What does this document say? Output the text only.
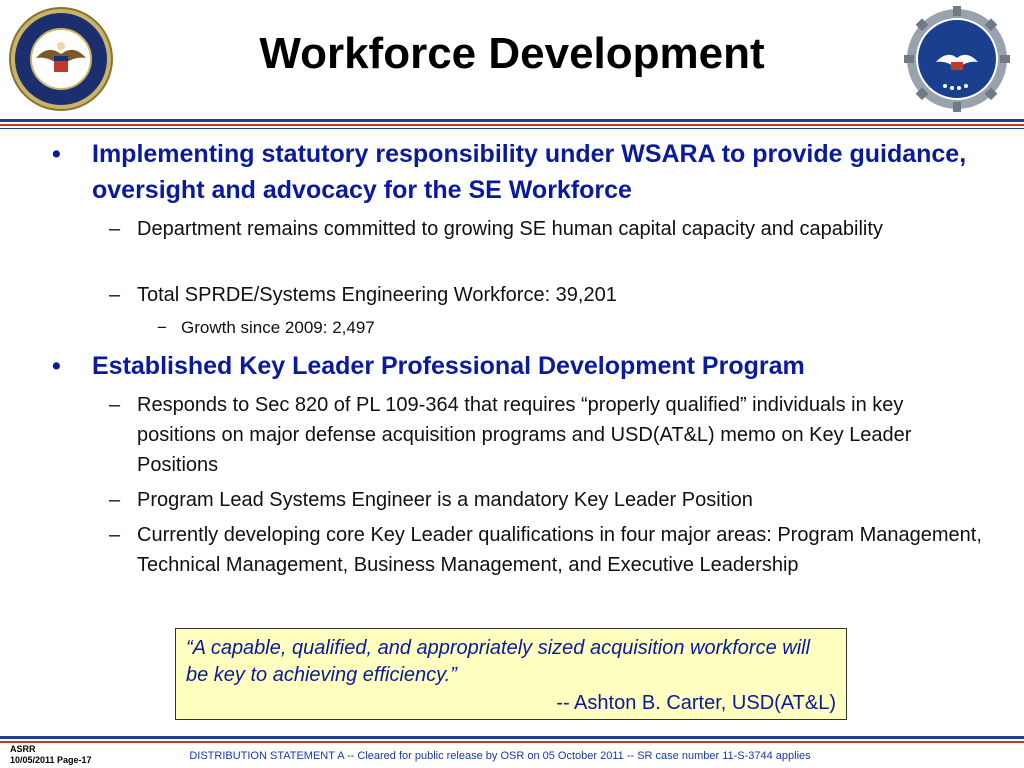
Workforce Development
• Implementing statutory responsibility under WSARA to provide guidance, oversight and advocacy for the SE Workforce
– Department remains committed to growing SE human capital capacity and capability
– Total SPRDE/Systems Engineering Workforce: 39,201
− Growth since 2009: 2,497
• Established Key Leader Professional Development Program
– Responds to Sec 820 of PL 109-364 that requires “properly qualified” individuals in key positions on major defense acquisition programs and USD(AT&L) memo on Key Leader Positions
– Program Lead Systems Engineer is a mandatory Key Leader Position
– Currently developing core Key Leader qualifications in four major areas: Program Management, Technical Management, Business Management, and Executive Leadership
“A capable, qualified, and appropriately sized acquisition workforce will be key to achieving efficiency.”
-- Ashton B. Carter, USD(AT&L)
ASRR
10/05/2011 Page-17	DISTRIBUTION STATEMENT A -- Cleared for public release by OSR on 05 October 2011 -- SR case number 11-S-3744 applies
